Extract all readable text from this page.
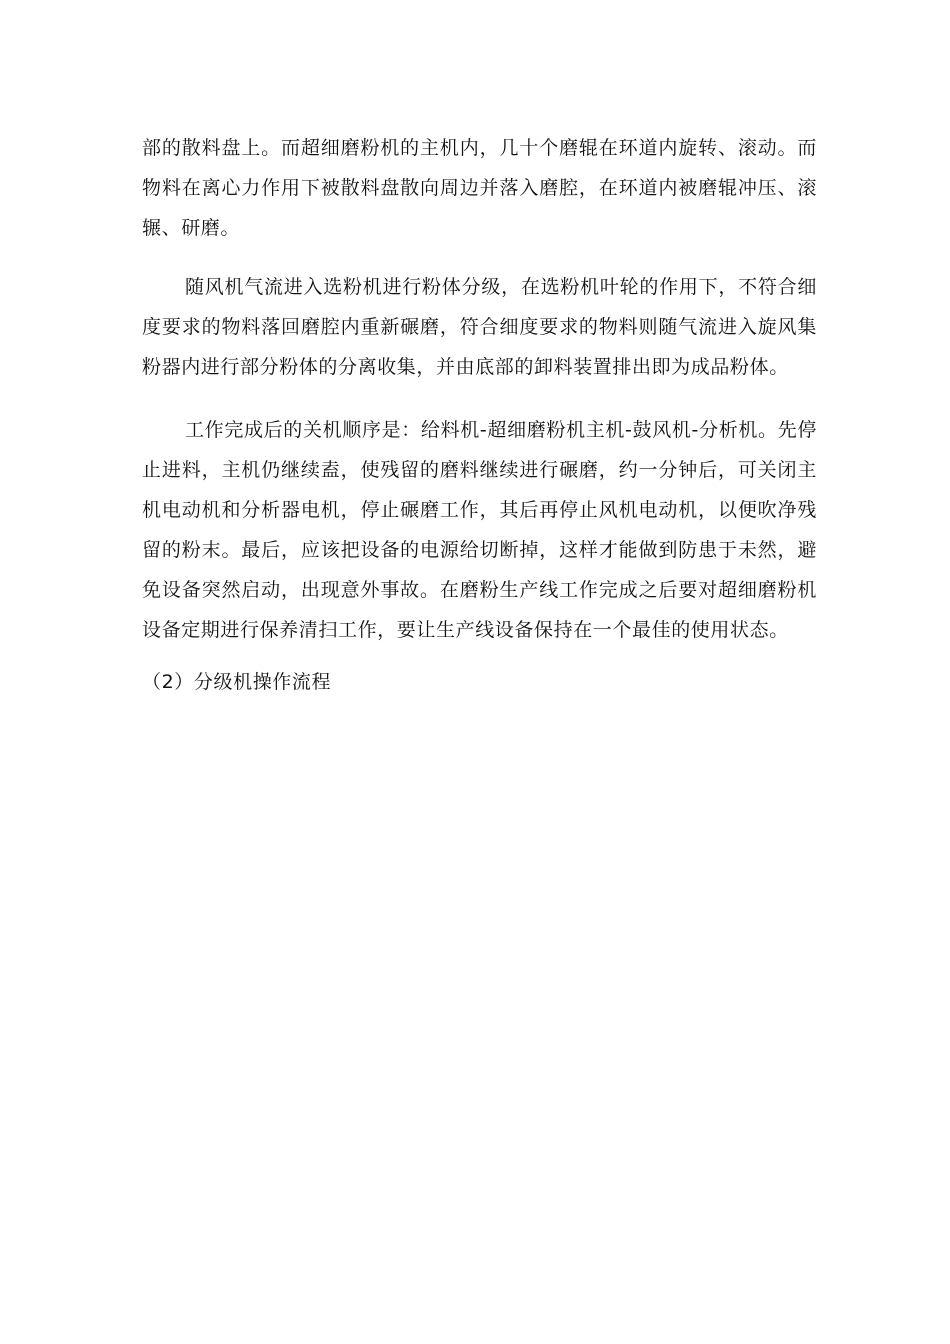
部的散料盘上。而超细磨粉机的主机内，几十个磨辊在环道内旋转、滚动。而物料在离心力作用下被散料盘散向周边并落入磨腔，在环道内被磨辊冲压、滚辗、研磨。

随风机气流进入选粉机进行粉体分级，在选粉机叶轮的作用下，不符合细度要求的物料落回磨腔内重新碾磨，符合细度要求的物料则随气流进入旋风集粉器内进行部分粉体的分离收集，并由底部的卸料装置排出即为成品粉体。

工作完成后的关机顺序是：给料机-超细磨粉机主机-鼓风机-分析机。先停止进料，主机仍继续盍，使残留的磨料继续进行碾磨，约一分钟后，可关闭主机电动机和分析器电机，停止碾磨工作，其后再停止风机电动机，以便吹净残留的粉末。最后，应该把设备的电源给切断掉，这样才能做到防患于未然，避免设备突然启动，出现意外事故。在磨粉生产线工作完成之后要对超细磨粉机设备定期进行保养清扫工作，要让生产线设备保持在一个最佳的使用状态。

（2）分级机操作流程
